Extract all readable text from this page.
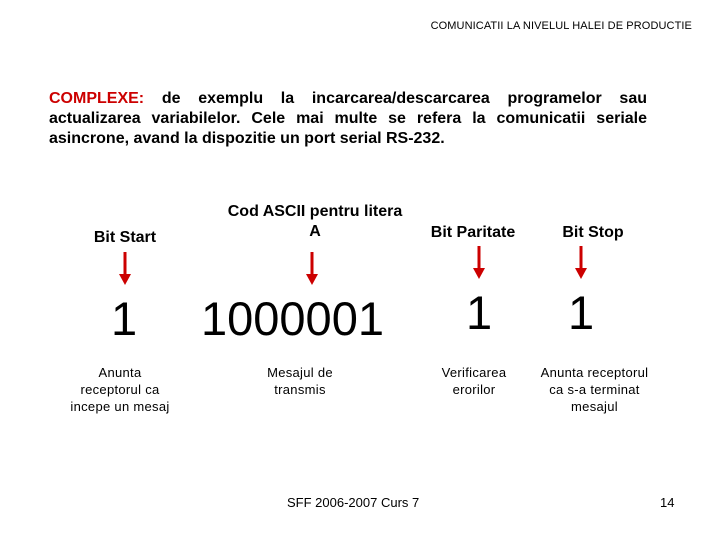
COMUNICATII LA NIVELUL HALEI DE PRODUCTIE
COMPLEXE: de exemplu la incarcarea/descarcarea programelor sau actualizarea variabilelor. Cele mai multe se refera la comunicatii seriale asincrone, avand la dispozitie un port serial RS-232.
Bit Start
1
Anunta receptorul ca incepe un mesaj
Cod ASCII pentru litera A
1000001
Mesajul de transmis
Bit Paritate
1
Verificarea erorilor
Bit Stop
1
Anunta receptorul ca s-a terminat mesajul
SFF 2006-2007 Curs 7	14
